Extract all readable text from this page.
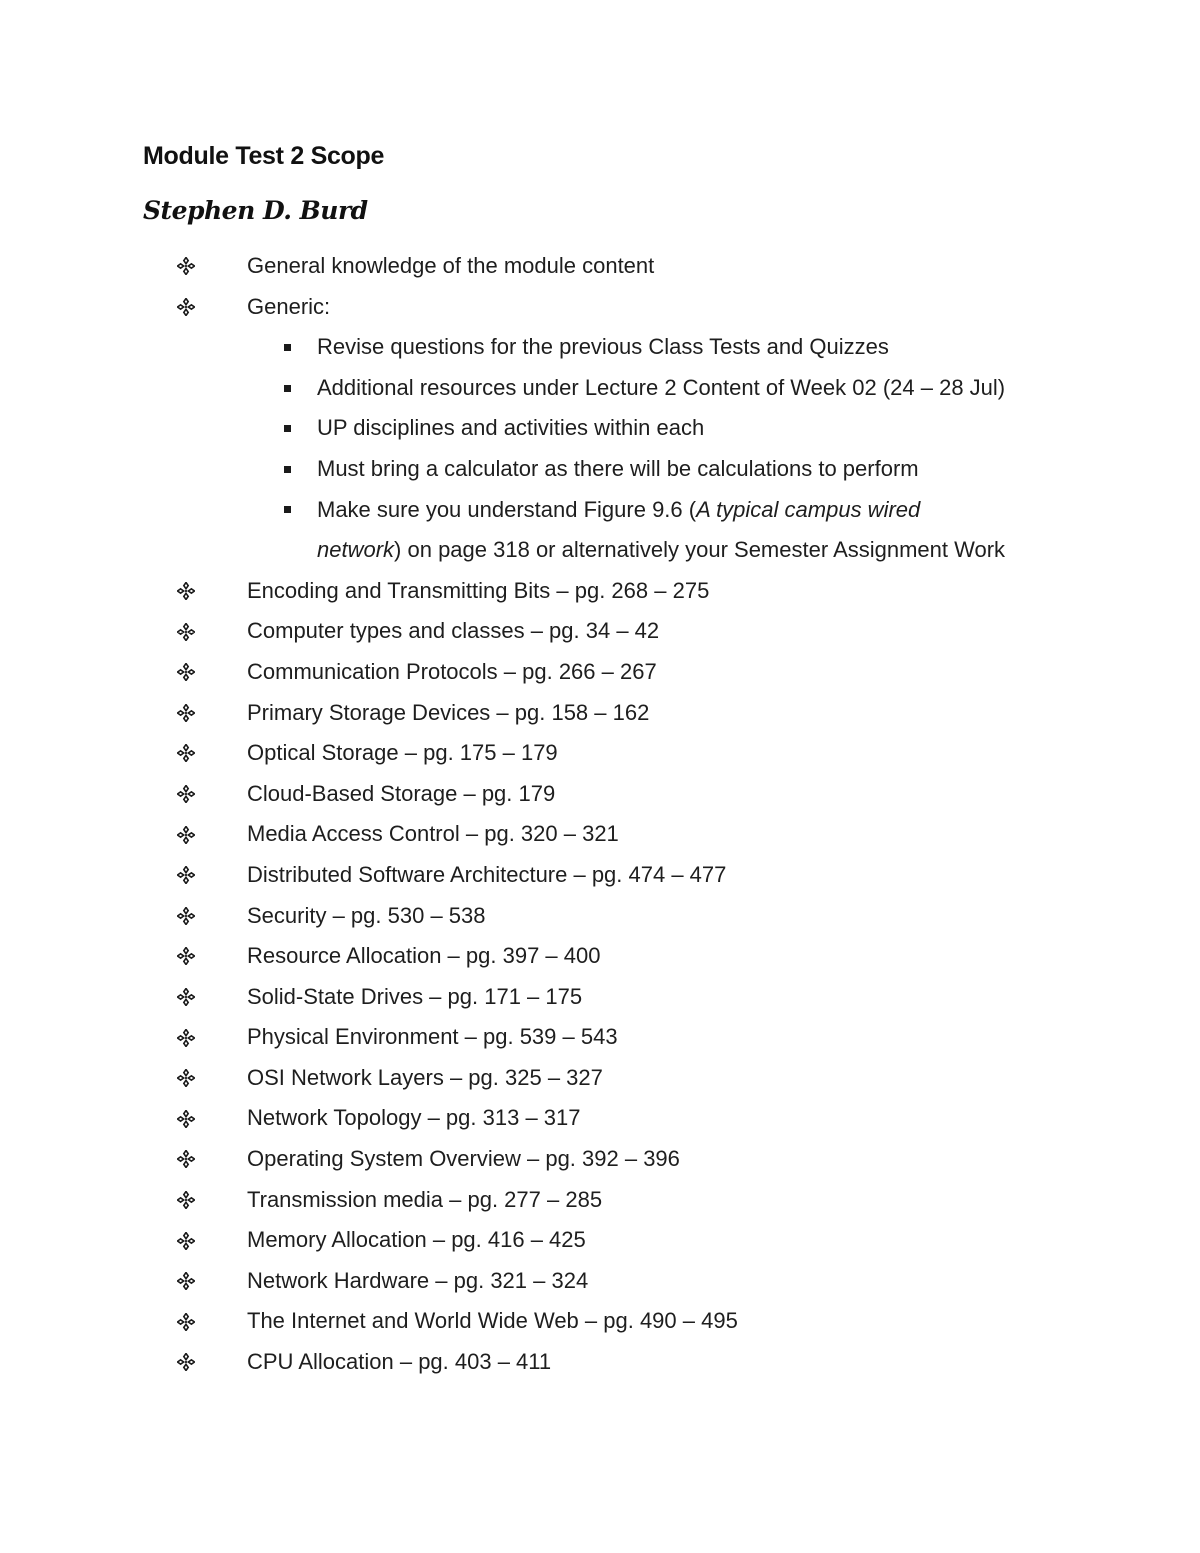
Module Test 2 Scope
Stephen D. Burd
General knowledge of the module content
Generic:
Revise questions for the previous Class Tests and Quizzes
Additional resources under Lecture 2 Content of Week 02 (24 – 28 Jul)
UP disciplines and activities within each
Must bring a calculator as there will be calculations to perform
Make sure you understand Figure 9.6 (A typical campus wired
network) on page 318 or alternatively your Semester Assignment Work
Encoding and Transmitting Bits – pg. 268 – 275
Computer types and classes – pg. 34 – 42
Communication Protocols – pg. 266 – 267
Primary Storage Devices – pg. 158 – 162
Optical Storage – pg. 175 – 179
Cloud-Based Storage – pg. 179
Media Access Control – pg. 320 – 321
Distributed Software Architecture – pg. 474 – 477
Security – pg. 530 – 538
Resource Allocation – pg. 397 – 400
Solid-State Drives – pg. 171 – 175
Physical Environment – pg. 539 – 543
OSI Network Layers – pg. 325 – 327
Network Topology – pg. 313 – 317
Operating System Overview – pg. 392 – 396
Transmission media – pg. 277 – 285
Memory Allocation – pg. 416 – 425
Network Hardware – pg. 321 – 324
The Internet and World Wide Web – pg. 490 – 495
CPU Allocation – pg. 403 – 411
